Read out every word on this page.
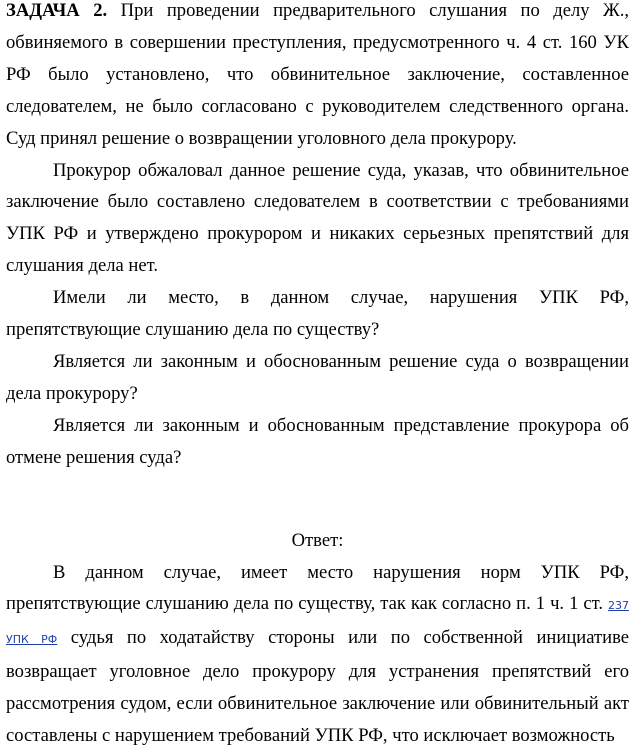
ЗАДАЧА 2. При проведении предварительного слушания по делу Ж., обвиняемого в совершении преступления, предусмотренного ч. 4 ст. 160 УК РФ было установлено, что обвинительное заключение, составленное следователем, не было согласовано с руководителем следственного органа. Суд принял решение о возвращении уголовного дела прокурору.

Прокурор обжаловал данное решение суда, указав, что обвинительное заключение было составлено следователем в соответствии с требованиями УПК РФ и утверждено прокурором и никаких серьезных препятствий для слушания дела нет.

Имели ли место, в данном случае, нарушения УПК РФ, препятствующие слушанию дела по существу?

Является ли законным и обоснованным решение суда о возвращении дела прокурору?

Является ли законным и обоснованным представление прокурора об отмене решения суда?

Ответ:

В данном случае, имеет место нарушения норм УПК РФ, препятствующие слушанию дела по существу, так как согласно п. 1 ч. 1 ст. 237 УПК РФ судья по ходатайству стороны или по собственной инициативе возвращает уголовное дело прокурору для устранения препятствий его рассмотрения судом, если обвинительное заключение или обвинительный акт составлены с нарушением требований УПК РФ, что исключает возможность
